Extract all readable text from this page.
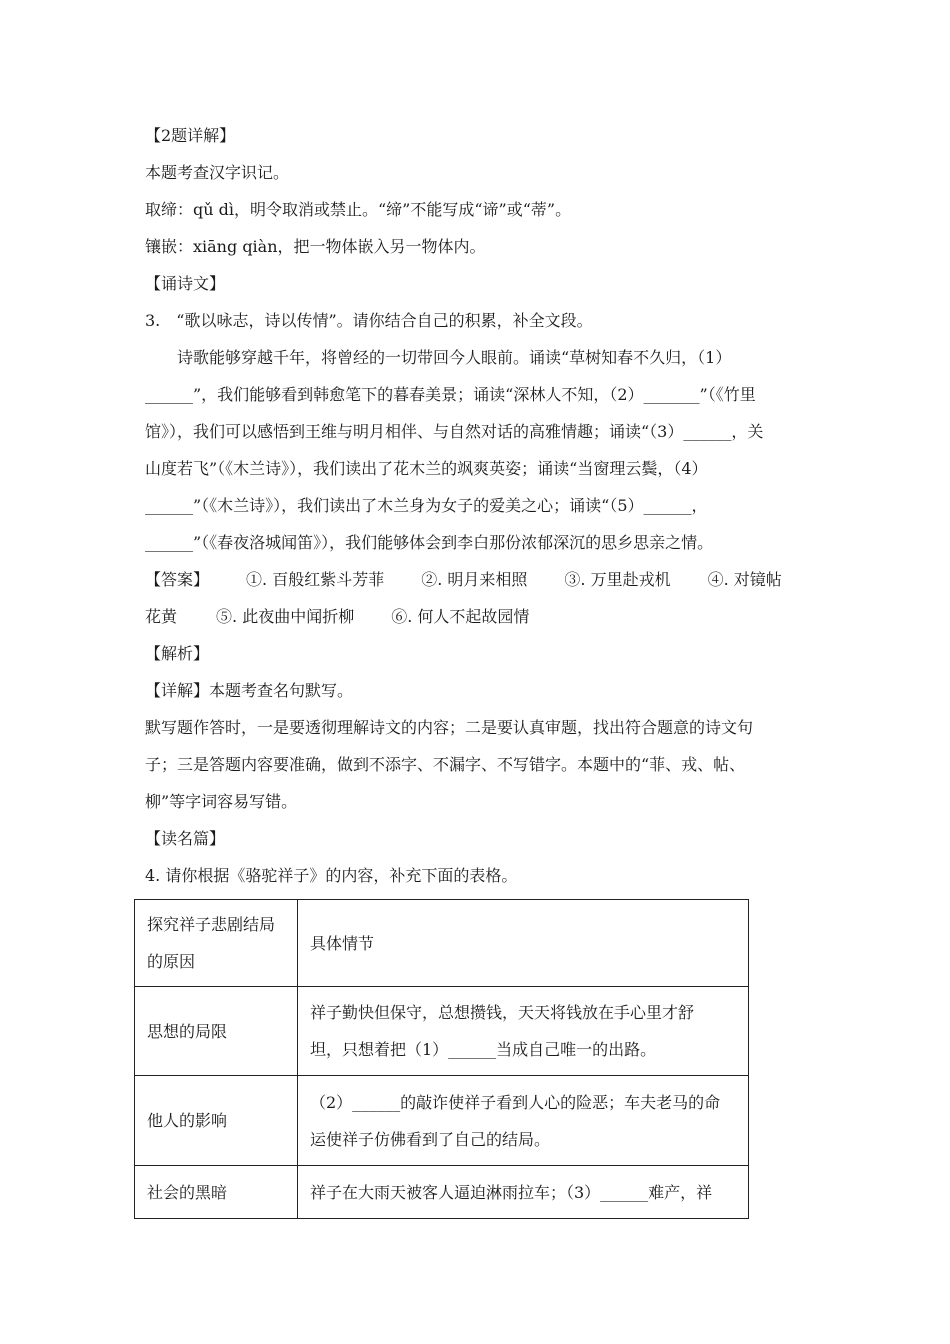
【2题详解】
本题考查汉字识记。
取缔：qǔ dì，明令取消或禁止。“缔”不能写成“谛”或“蒂”。
镶嵌：xiāng qiàn，把一物体嵌入另一物体内。
【诵诗文】
3.　“歌以咏志，诗以传情”。请你结合自己的积累，补全文段。
诗歌能够穿越千年，将曾经的一切带回今人眼前。诵读“草树知春不久归，（1）
______”，我们能够看到韩愈笔下的暮春美景；诵读“深林人不知，（2）_______”（《竹里
馆》），我们可以感悟到王维与明月相伴、与自然对话的高雅情趣；诵读“（3）______，关
山度若飞”（《木兰诗》），我们读出了花木兰的飒爽英姿；诵读“当窗理云鬓，（4）
______”（《木兰诗》），我们读出了木兰身为女子的爱美之心；诵读“（5）______，
______”（《春夜洛城闻笛》），我们能够体会到李白那份浓郁深沉的思乡思亲之情。
【答案】 ①. 百般红紫斗芳菲 ②. 明月来相照 ③. 万里赴戎机 ④. 对镜帖
花黄 ⑤. 此夜曲中闻折柳 ⑥. 何人不起故园情
【解析】
【详解】本题考查名句默写。
默写题作答时，一是要透彻理解诗文的内容；二是要认真审题，找出符合题意的诗文句
子；三是答题内容要准确，做到不添字、不漏字、不写错字。本题中的“菲、戎、帖、
柳”等字词容易写错。
【读名篇】
4. 请你根据《骆驼祥子》的内容，补充下面的表格。

探究祥子悲剧结局

的原因	具体情节

思想的局限	祥子勤快但保守，总想攒钱，天天将钱放在手心里才舒

坦，只想着把（1）______当成自己唯一的出路。

他人的影响	（2）______的敲诈使祥子看到人心的险恶；车夫老马的命

运使祥子仿佛看到了自己的结局。

社会的黑暗	祥子在大雨天被客人逼迫淋雨拉车；（3）______难产，祥
